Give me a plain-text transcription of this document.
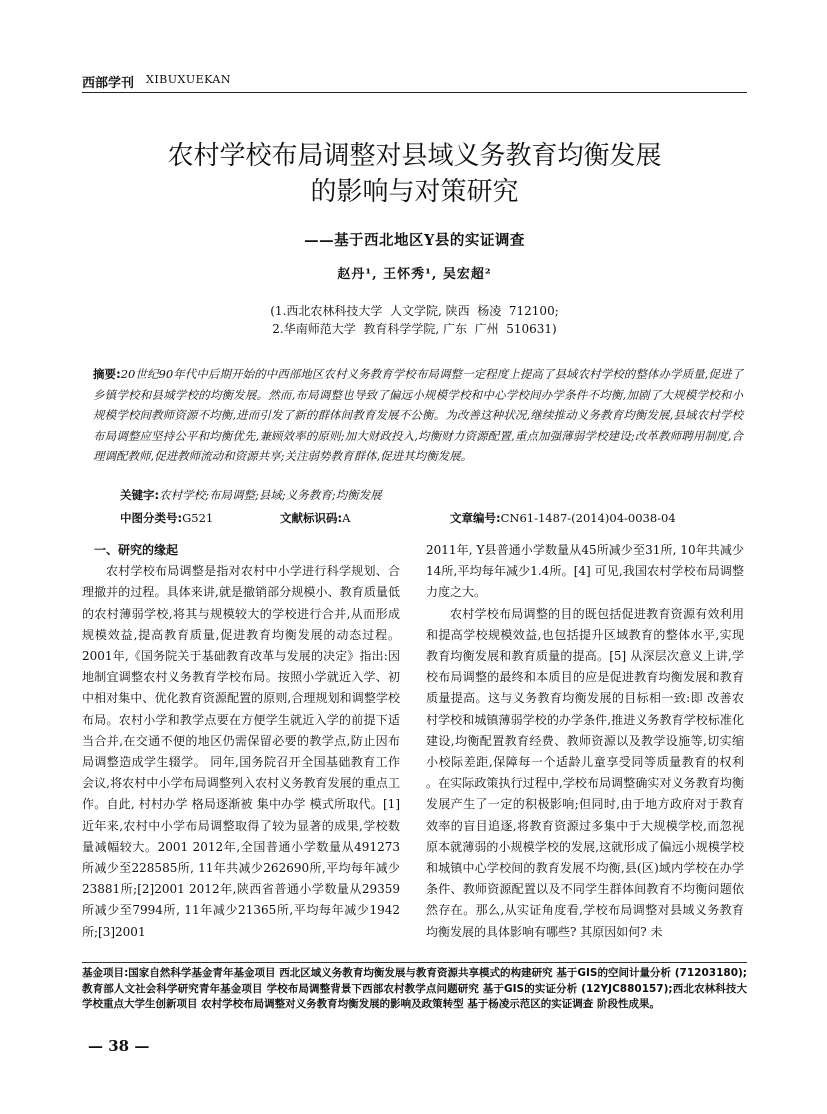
西部学刊 XIBUXUEKAN
农村学校布局调整对县域义务教育均衡发展
的影响与对策研究
——基于西北地区Y县的实证调查
赵丹¹, 王怀秀¹, 吴宏超²
(1.西北农林科技大学  人文学院, 陕西  杨凌  712100;
2.华南师范大学  教育科学学院, 广东  广州  510631)
摘要:20世纪90年代中后期开始的中西部地区农村义务教育学校布局调整一定程度上提高了县域农村学校的整体办学质量,促进了乡镇学校和县城学校的均衡发展。然而,布局调整也导致了偏远小规模学校和中心学校间办学条件不均衡,加剧了大规模学校和小规模学校间教师资源不均衡,进而引发了新的群体间教育发展不公衡。为改善这种状况,继续推动义务教育均衡发展,县域农村学校布局调整应坚持公平和均衡优先,兼顾效率的原则;加大财政投入,均衡财力资源配置,重点加强薄弱学校建设;改革教师聘用制度,合理调配教师,促进教师流动和资源共享;关注弱势教育群体,促进其均衡发展。
关键字:农村学校;布局调整;县域;义务教育;均衡发展
中图分类号:G521	文献标识码:A	文章编号:CN61-1487-(2014)04-0038-04

一、研究的缘起

农村学校布局调整是指对农村中小学进行科学规划、合理撤并的过程。具体来讲,就是撤销部分规模小、教育质量低的农村薄弱学校,将其与规模较大的学校进行合并,从而形成规模效益,提高教育质量,促进教育均衡发展的动态过程。2001年,《国务院关于基础教育改革与发展的决定》指出:因地制宜调整农村义务教育学校布局。按照小学就近入学、初中相对集中、优化教育资源配置的原则,合理规划和调整学校布局。农村小学和教学点要在方便学生就近入学的前提下适当合并,在交通不便的地区仍需保留必要的教学点,防止因布局调整造成学生辍学。 同年,国务院召开全国基础教育工作会议,将农村中小学布局调整列入农村义务教育发展的重点工作。自此, 村村办学 格局逐渐被 集中办学 模式所取代。[1] 近年来,农村中小学布局调整取得了较为显著的成果,学校数量减幅较大。2001 2012年,全国普通小学数量从491273所减少至228585所, 11年共减少262690所,平均每年减少23881所;[2]2001 2012年,陕西省普通小学数量从29359所减少至7994所, 11年减少21365所,平均每年减少1942所;[3]2001

2011年, Y县普通小学数量从45所减少至31所, 10年共减少14所,平均每年减少1.4所。[4] 可见,我国农村学校布局调整力度之大。

农村学校布局调整的目的既包括促进教育资源有效利用和提高学校规模效益,也包括提升区域教育的整体水平,实现教育均衡发展和教育质量的提高。[5] 从深层次意义上讲,学校布局调整的最终和本质目的应是促进教育均衡发展和教育质量提高。这与义务教育均衡发展的目标相一致:即 改善农村学校和城镇薄弱学校的办学条件,推进义务教育学校标准化建设,均衡配置教育经费、教师资源以及教学设施等,切实缩小校际差距,保障每一个适龄儿童享受同等质量教育的权利 。在实际政策执行过程中,学校布局调整确实对义务教育均衡发展产生了一定的积极影响;但同时,由于地方政府对于教育效率的盲目追逐,将教育资源过多集中于大规模学校,而忽视原本就薄弱的小规模学校的发展,这就形成了偏远小规模学校和城镇中心学校间的教育发展不均衡,县(区)域内学校在办学条件、教师资源配置以及不同学生群体间教育不均衡问题依然存在。那么,从实证角度看,学校布局调整对县域义务教育均衡发展的具体影响有哪些? 其原因如何? 未

基金项目:国家自然科学基金青年基金项目 西北区域义务教育均衡发展与教育资源共享模式的构建研究 基于GIS的空间计量分析 (71203180);教育部人文社会科学研究青年基金项目 学校布局调整背景下西部农村教学点问题研究 基于GIS的实证分析 (12YJC880157);西北农林科技大学校重点大学生创新项目 农村学校布局调整对义务教育均衡发展的影响及政策转型 基于杨凌示范区的实证调查 阶段性成果。
— 38 —
